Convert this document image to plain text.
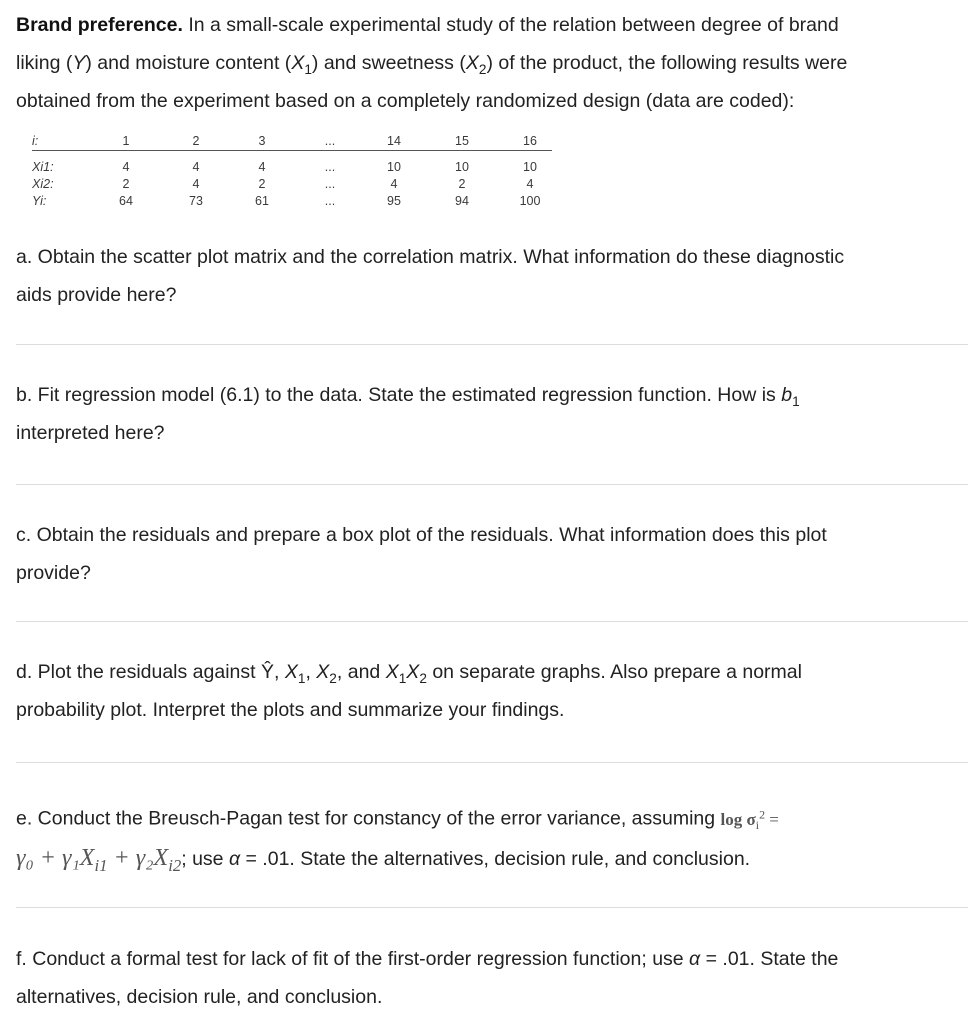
Brand preference. In a small-scale experimental study of the relation between degree of brand
liking (Y) and moisture content $(X_1)$ and sweetness $(X_2)$ of the product, the following results were
obtained from the experiment based on a completely randomized design (data are coded):

i:
Xi1:
Xi2:
Yi:
1
4
2
64
2
4
4
73
3
4
2
61
...
...
...
...
14
10
4
95
15
10
2
94
16
10
4
100

a. Obtain the scatter plot matrix and the correlation matrix. What information do these diagnostic
aids provide here?

b. Fit regression model (6.1) to the data. State the estimated regression function. How is $b_1$
interpreted here?

c. Obtain the residuals and prepare a box plot of the residuals. What information does this plot
provide?

d. Plot the residuals against Ŷ, $X_1$, $X_2$, and $X_1X_2$ on separate graphs. Also prepare a normal
probability plot. Interpret the plots and summarize your findings.

e. Conduct the Breusch-Pagan test for constancy of the error variance, assuming $\log \sigma_i^2$ =
$\gamma_0 + \gamma_1X_{i1} + \gamma_2X_{i2}$; use α = .01. State the alternatives, decision rule, and conclusion.

f. Conduct a formal test for lack of fit of the first-order regression function; use α = .01. State the
alternatives, decision rule, and conclusion.
